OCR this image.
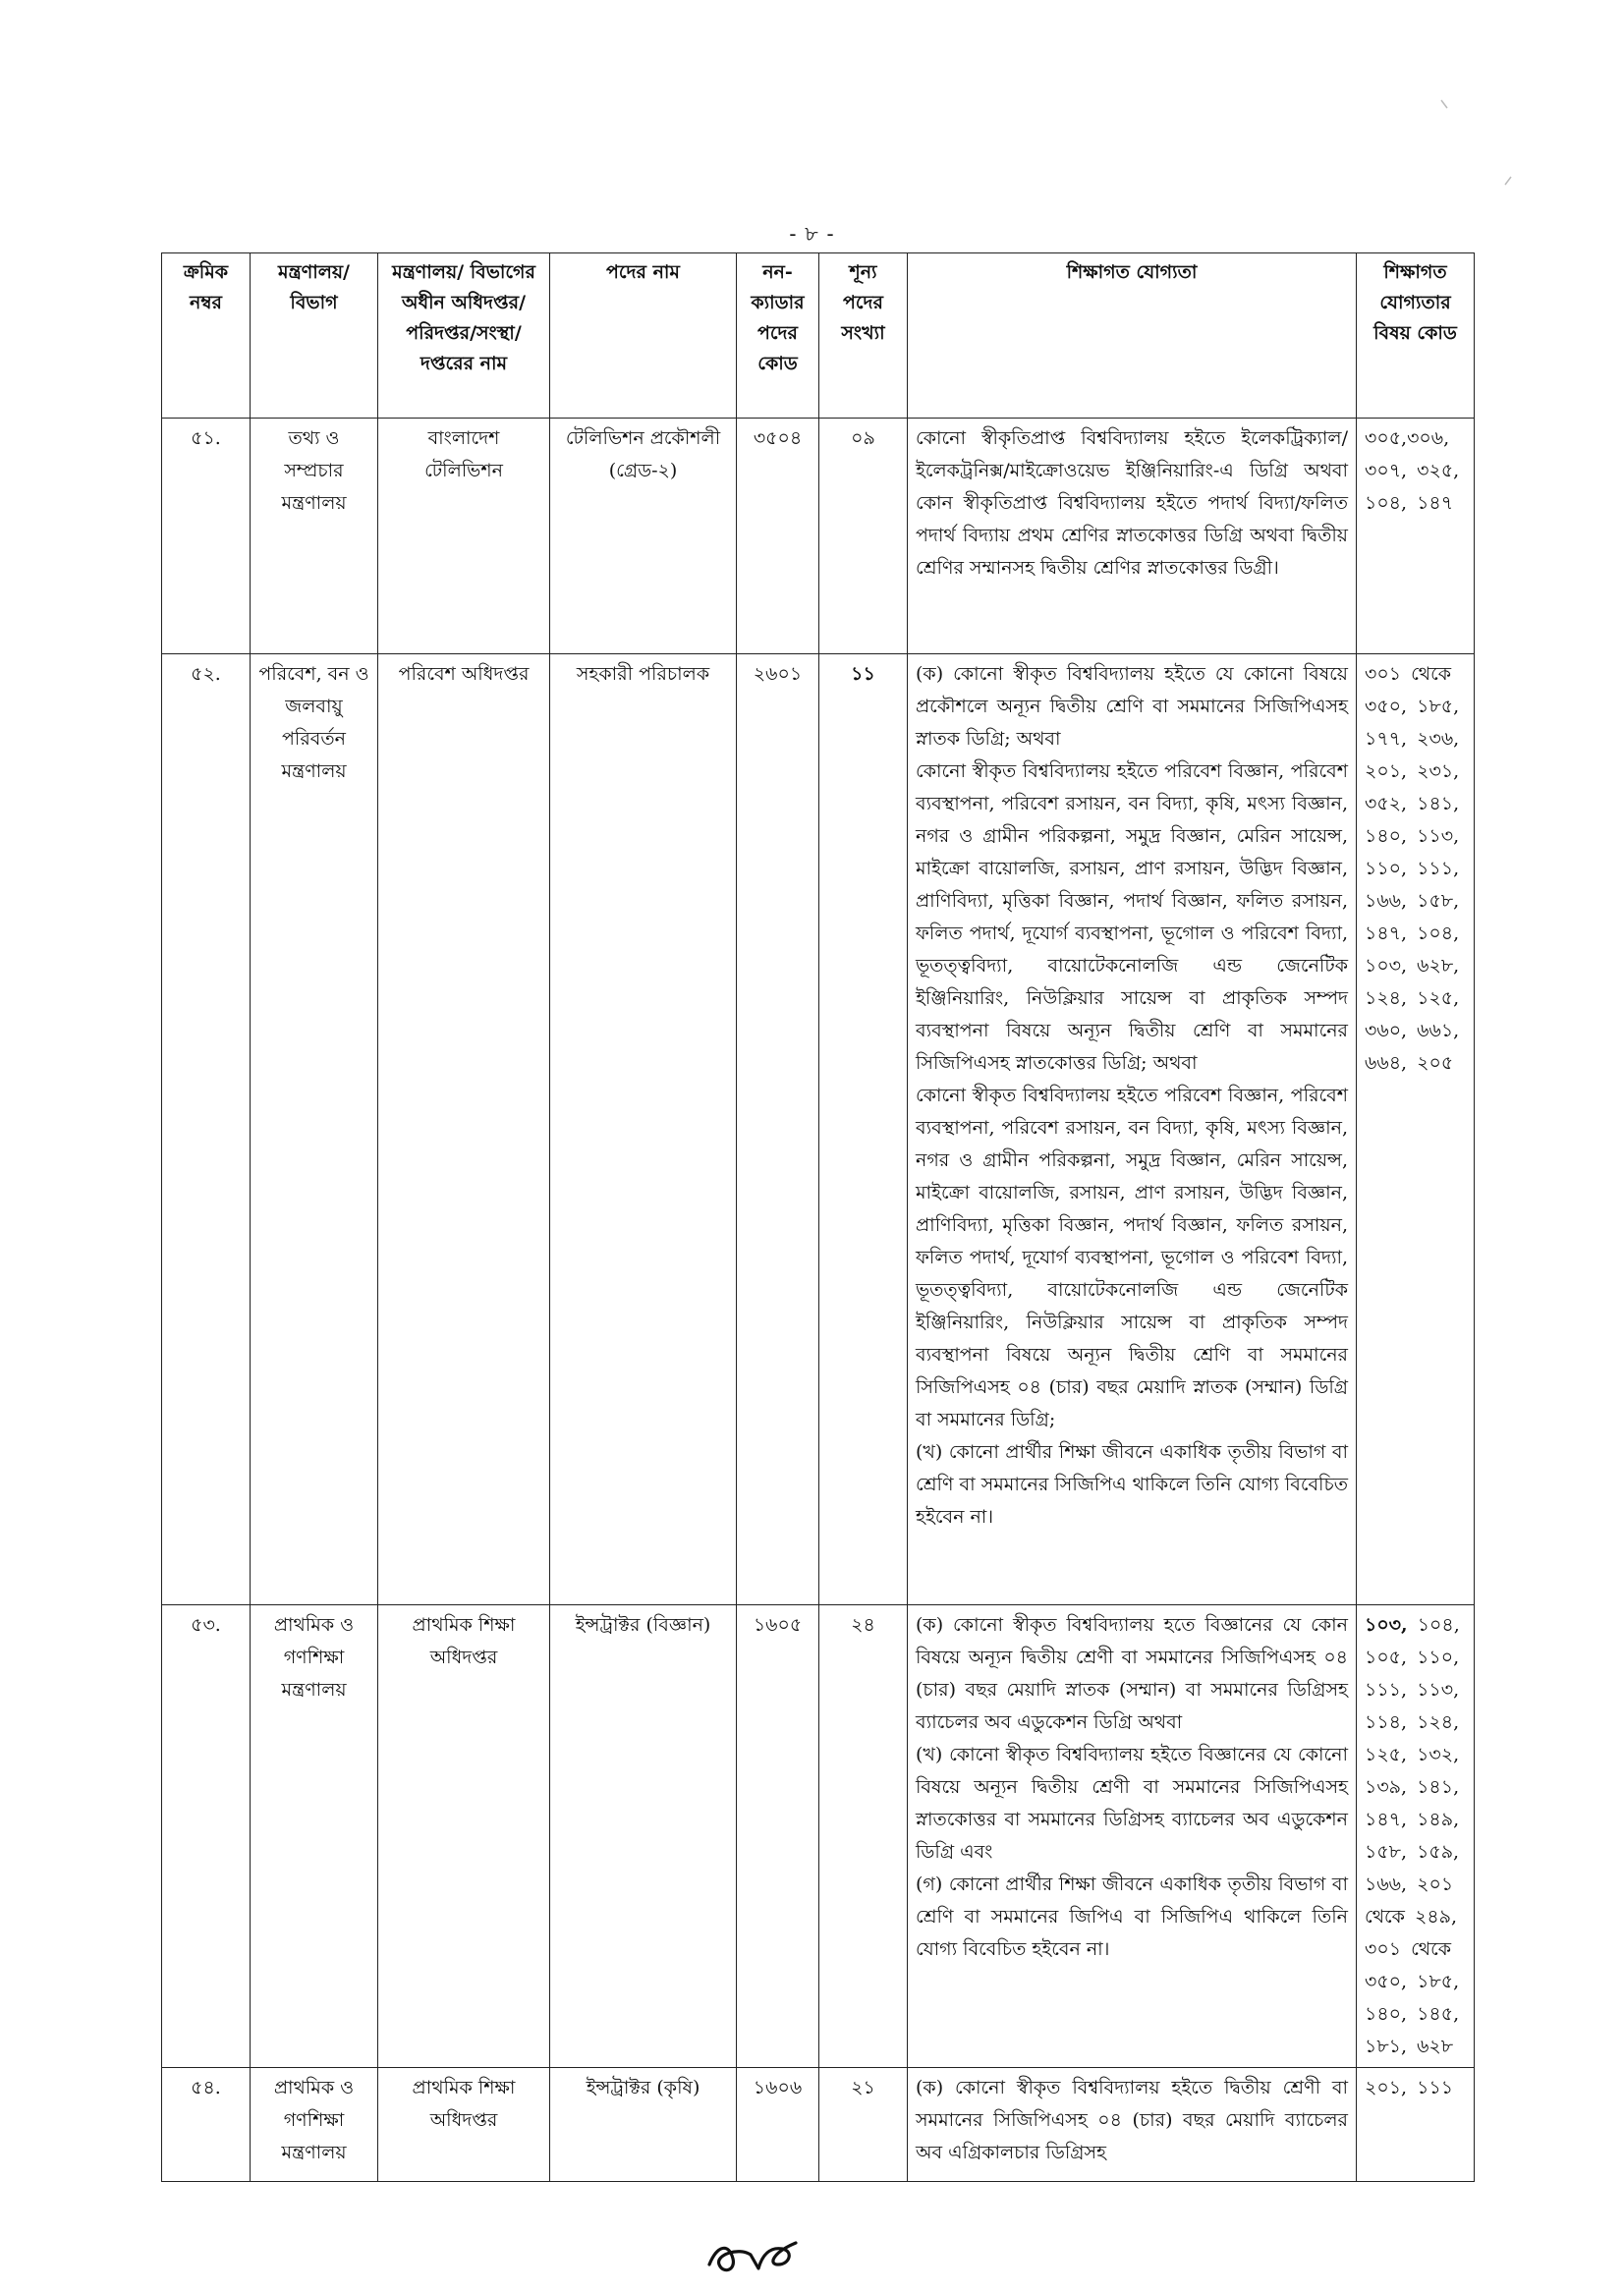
- ৮ -
ক্রমিক নম্বর	মন্ত্রণালয়/ বিভাগ	মন্ত্রণালয়/ বিভাগের অধীন অধিদপ্তর/ পরিদপ্তর/সংস্থা/ দপ্তরের নাম	পদের নাম	নন- ক্যাডার পদের কোড	শূন্য পদের সংখ্যা	শিক্ষাগত যোগ্যতা	শিক্ষাগত যোগ্যতার বিষয় কোড
৫১.	তথ্য ও সম্প্রচার মন্ত্রণালয়	বাংলাদেশ টেলিভিশন	টেলিভিশন প্রকৌশলী (গ্রেড-২)	৩৫০৪	০৯	কোনো স্বীকৃতিপ্রাপ্ত বিশ্ববিদ্যালয় হইতে ইলেকট্রিক্যাল/ইলেকট্রনিক্স/মাইক্রোওয়েভ ইঞ্জিনিয়ারিং-এ ডিগ্রি অথবা কোন স্বীকৃতিপ্রাপ্ত বিশ্ববিদ্যালয় হইতে পদার্থ বিদ্যা/ফলিত পদার্থ বিদ্যায় প্রথম শ্রেণির স্নাতকোত্তর ডিগ্রি অথবা দ্বিতীয় শ্রেণির সম্মানসহ দ্বিতীয় শ্রেণির স্নাতকোত্তর ডিগ্রী।	৩০৫,৩০৬, ৩০৭, ৩২৫, ১০৪, ১৪৭
৫২.	পরিবেশ, বন ও জলবায়ু পরিবর্তন মন্ত্রণালয়	পরিবেশ অধিদপ্তর	সহকারী পরিচালক	২৬০১	১১	(ক) কোনো স্বীকৃত বিশ্ববিদ্যালয় হইতে যে কোনো বিষয়ে প্রকৌশলে অন্যূন দ্বিতীয় শ্রেণি বা সমমানের সিজিপিএসহ স্নাতক ডিগ্রি; অথবা
কোনো স্বীকৃত বিশ্ববিদ্যালয় হইতে পরিবেশ বিজ্ঞান, পরিবেশ ব্যবস্থাপনা, পরিবেশ রসায়ন, বন বিদ্যা, কৃষি, মৎস্য বিজ্ঞান, নগর ও গ্রামীন পরিকল্পনা, সমুদ্র বিজ্ঞান, মেরিন সায়েন্স, মাইক্রো বায়োলজি, রসায়ন, প্রাণ রসায়ন, উদ্ভিদ বিজ্ঞান, প্রাণিবিদ্যা, মৃত্তিকা বিজ্ঞান, পদার্থ বিজ্ঞান, ফলিত রসায়ন, ফলিত পদার্থ, দূযোর্গ ব্যবস্থাপনা, ভূগোল ও পরিবেশ বিদ্যা, ভূতত্ত্ববিদ্যা, বায়োটেকনোলজি এন্ড জেনেটিক ইঞ্জিনিয়ারিং, নিউক্লিয়ার সায়েন্স বা প্রাকৃতিক সম্পদ ব্যবস্থাপনা বিষয়ে অন্যূন দ্বিতীয় শ্রেণি বা সমমানের সিজিপিএসহ স্নাতকোত্তর ডিগ্রি; অথবা
কোনো স্বীকৃত বিশ্ববিদ্যালয় হইতে পরিবেশ বিজ্ঞান, পরিবেশ ব্যবস্থাপনা, পরিবেশ রসায়ন, বন বিদ্যা, কৃষি, মৎস্য বিজ্ঞান, নগর ও গ্রামীন পরিকল্পনা, সমুদ্র বিজ্ঞান, মেরিন সায়েন্স, মাইক্রো বায়োলজি, রসায়ন, প্রাণ রসায়ন, উদ্ভিদ বিজ্ঞান, প্রাণিবিদ্যা, মৃত্তিকা বিজ্ঞান, পদার্থ বিজ্ঞান, ফলিত রসায়ন, ফলিত পদার্থ, দূযোর্গ ব্যবস্থাপনা, ভূগোল ও পরিবেশ বিদ্যা, ভূতত্ত্ববিদ্যা, বায়োটেকনোলজি এন্ড জেনেটিক ইঞ্জিনিয়ারিং, নিউক্লিয়ার সায়েন্স বা প্রাকৃতিক সম্পদ ব্যবস্থাপনা বিষয়ে অন্যূন দ্বিতীয় শ্রেণি বা সমমানের সিজিপিএসহ ০৪ (চার) বছর মেয়াদি স্নাতক (সম্মান) ডিগ্রি বা সমমানের ডিগ্রি;
(খ) কোনো প্রার্থীর শিক্ষা জীবনে একাধিক তৃতীয় বিভাগ বা শ্রেণি বা সমমানের সিজিপিএ থাকিলে তিনি যোগ্য বিবেচিত হইবেন না।	৩০১ থেকে ৩৫০, ১৮৫, ১৭৭, ২৩৬, ২০১, ২৩১, ৩৫২, ১৪১, ১৪০, ১১৩, ১১০, ১১১, ১৬৬, ১৫৮, ১৪৭, ১০৪, ১০৩, ৬২৮, ১২৪, ১২৫, ৩৬০, ৬৬১, ৬৬৪, ২০৫
৫৩.	প্রাথমিক ও গণশিক্ষা মন্ত্রণালয়	প্রাথমিক শিক্ষা অধিদপ্তর	ইন্সট্রাক্টর (বিজ্ঞান)	১৬০৫	২৪	(ক) কোনো স্বীকৃত বিশ্ববিদ্যালয় হতে বিজ্ঞানের যে কোন বিষয়ে অন্যূন দ্বিতীয় শ্রেণী বা সমমানের সিজিপিএসহ ০৪ (চার) বছর মেয়াদি স্নাতক (সম্মান) বা সমমানের ডিগ্রিসহ ব্যাচেলর অব এডুকেশন ডিগ্রি অথবা
(খ) কোনো স্বীকৃত বিশ্ববিদ্যালয় হইতে বিজ্ঞানের যে কোনো বিষয়ে অন্যূন দ্বিতীয় শ্রেণী বা সমমানের সিজিপিএসহ স্নাতকোত্তর বা সমমানের ডিগ্রিসহ ব্যাচেলর অব এডুকেশন ডিগ্রি এবং
(গ) কোনো প্রার্থীর শিক্ষা জীবনে একাধিক তৃতীয় বিভাগ বা শ্রেণি বা সমমানের জিপিএ বা সিজিপিএ থাকিলে তিনি যোগ্য বিবেচিত হইবেন না।	১০৩, ১০৪, ১০৫, ১১০, ১১১, ১১৩, ১১৪, ১২৪, ১২৫, ১৩২, ১৩৯, ১৪১, ১৪৭, ১৪৯, ১৫৮, ১৫৯, ১৬৬, ২০১ থেকে ২৪৯, ৩০১ থেকে ৩৫০, ১৮৫, ১৪০, ১৪৫, ১৮১, ৬২৮
৫৪.	প্রাথমিক ও গণশিক্ষা মন্ত্রণালয়	প্রাথমিক শিক্ষা অধিদপ্তর	ইন্সট্রাক্টর (কৃষি)	১৬০৬	২১	(ক) কোনো স্বীকৃত বিশ্ববিদ্যালয় হইতে দ্বিতীয় শ্রেণী বা সমমানের সিজিপিএসহ ০৪ (চার) বছর মেয়াদি ব্যাচেলর অব এগ্রিকালচার ডিগ্রিসহ	২০১, ১১১
